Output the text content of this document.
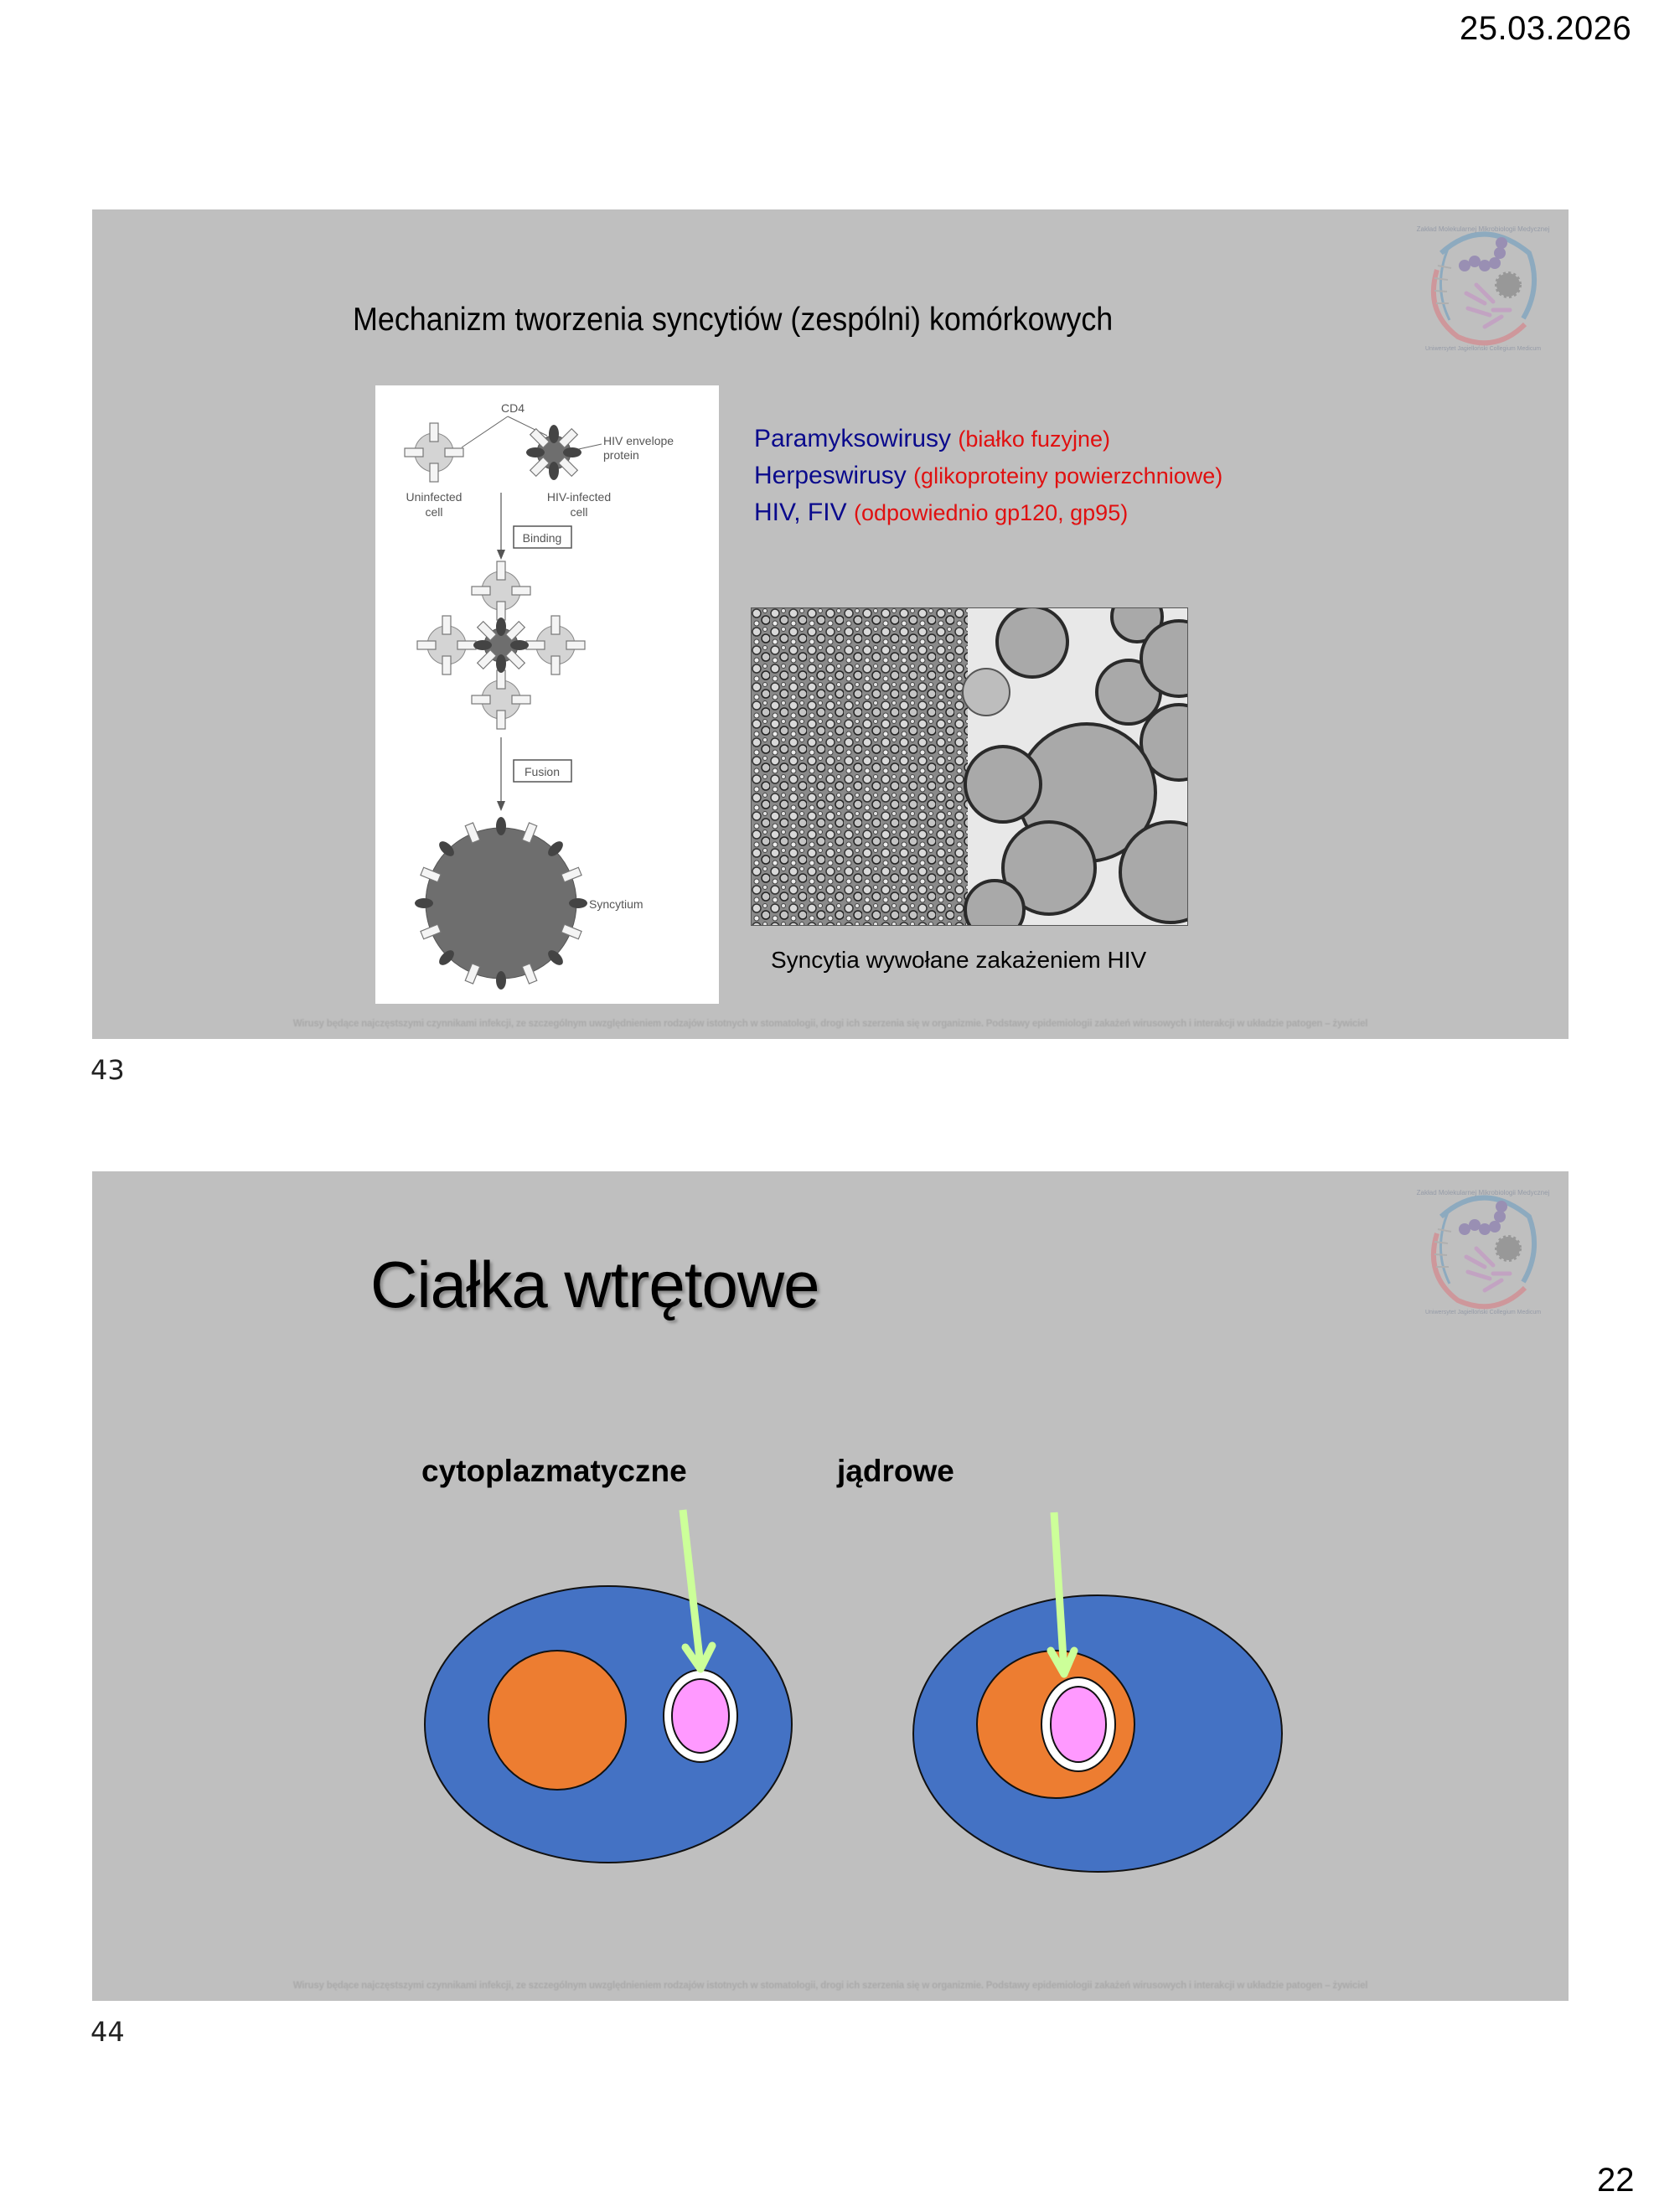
25.03.2026
22
Zakład Molekularnej Mikrobiologii Medycznej
Uniwersytet Jagielloński Collegium Medicum
Mechanizm tworzenia syncytiów (zespólni) komórkowych
CD4
HIV envelope
protein
Uninfected
cell
HIV-infected
cell
Binding
Fusion
Syncytium
Paramyksowirusy (białko fuzyjne)
Herpeswirusy (glikoproteiny powierzchniowe)
HIV, FIV (odpowiednio gp120, gp95)
Syncytia wywołane zakażeniem HIV
Wirusy będące najczęstszymi czynnikami infekcji, ze szczególnym uwzględnieniem rodzajów istotnych w stomatologii, drogi ich szerzenia się w organizmie. Podstawy epidemiologii zakażeń wirusowych i interakcji w układzie patogen – żywiciel
43
Zakład Molekularnej Mikrobiologii Medycznej
Uniwersytet Jagielloński Collegium Medicum
Ciałka wtrętowe
cytoplazmatyczne	jądrowe
Wirusy będące najczęstszymi czynnikami infekcji, ze szczególnym uwzględnieniem rodzajów istotnych w stomatologii, drogi ich szerzenia się w organizmie. Podstawy epidemiologii zakażeń wirusowych i interakcji w układzie patogen – żywiciel
44
